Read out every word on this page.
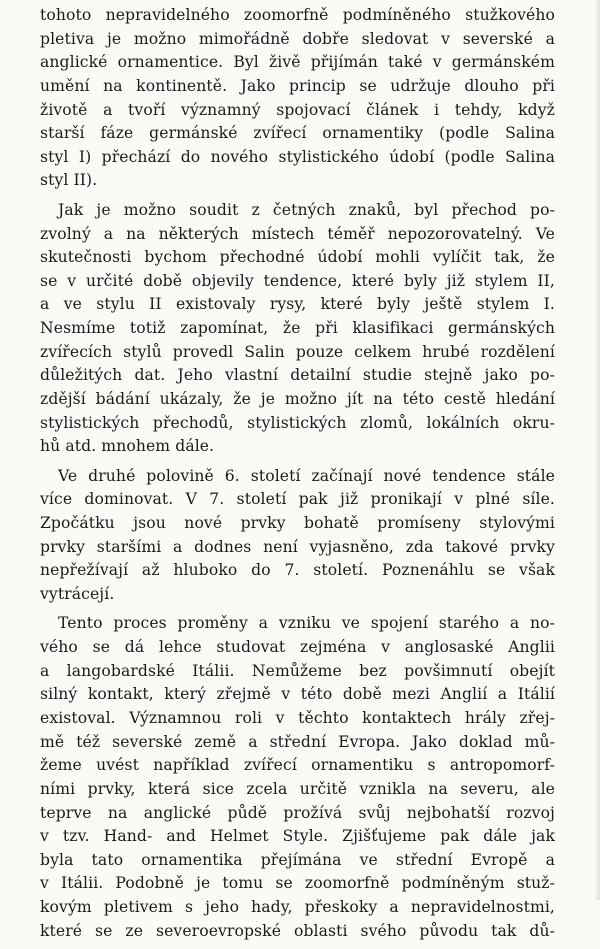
tohoto nepravidelného zoomorfně podmíněného stužkového
pletiva je možno mimořádně dobře sledovat v severské a
anglické ornamentice. Byl živě přijímán také v germánském
umění na kontinentě. Jako princip se udržuje dlouho při
životě a tvoří významný spojovací článek i tehdy, když
starší fáze germánské zvířecí ornamentiky (podle Salina
styl I) přechází do nového stylistického údobí (podle Salina
styl II).
Jak je možno soudit z četných znaků, byl přechod po-
zvolný a na některých místech téměř nepozorovatelný. Ve
skutečnosti bychom přechodné údobí mohli vylíčit tak, že
se v určité době objevily tendence, které byly již stylem II,
a ve stylu II existovaly rysy, které byly ještě stylem I.
Nesmíme totiž zapomínat, že při klasifikaci germánských
zvířecích stylů provedl Salin pouze celkem hrubé rozdělení
důležitých dat. Jeho vlastní detailní studie stejně jako po-
zdější bádání ukázaly, že je možno jít na této cestě hledání
stylistických přechodů, stylistických zlomů, lokálních okru-
hů atd. mnohem dále.
Ve druhé polovině 6. století začínají nové tendence stále
více dominovat. V 7. století pak již pronikají v plné síle.
Zpočátku jsou nové prvky bohatě promíseny stylovými
prvky staršími a dodnes není vyjasněno, zda takové prvky
nepřežívají až hluboko do 7. století. Poznenáhlu se však
vytrácejí.
Tento proces proměny a vzniku ve spojení starého a no-
vého se dá lehce studovat zejména v anglosaské Anglii
a langobardské Itálii. Nemůžeme bez povšimnutí obejít
silný kontakt, který zřejmě v této době mezi Anglií a Itálií
existoval. Významnou roli v těchto kontaktech hrály zřej-
mě též severské země a střední Evropa. Jako doklad mů-
žeme uvést například zvířecí ornamentiku s antropomorf-
ními prvky, která sice zcela určitě vznikla na severu, ale
teprve na anglické půdě prožívá svůj nejbohatší rozvoj
v tzv. Hand- and Helmet Style. Zjišťujeme pak dále jak
byla tato ornamentika přejímána ve střední Evropě a
v Itálii. Podobně je tomu se zoomorfně podmíněným stuž-
kovým pletivem s jeho hady, přeskoky a nepravidelnostmi,
které se ze severoevropské oblasti svého původu tak dů-
